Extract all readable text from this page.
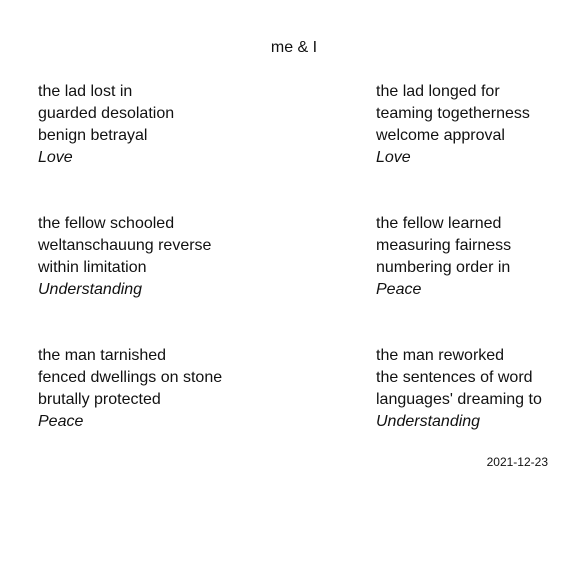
me & I
the lad lost in
guarded desolation
benign betrayal
Love
the fellow schooled
weltanschauung reverse
within limitation
Understanding
the man tarnished
fenced dwellings on stone
brutally protected
Peace
the lad longed for
teaming togetherness
welcome approval
Love
the fellow learned
measuring fairness
numbering order in
Peace
the man reworked
the sentences of word
languages' dreaming to
Understanding
2021-12-23
